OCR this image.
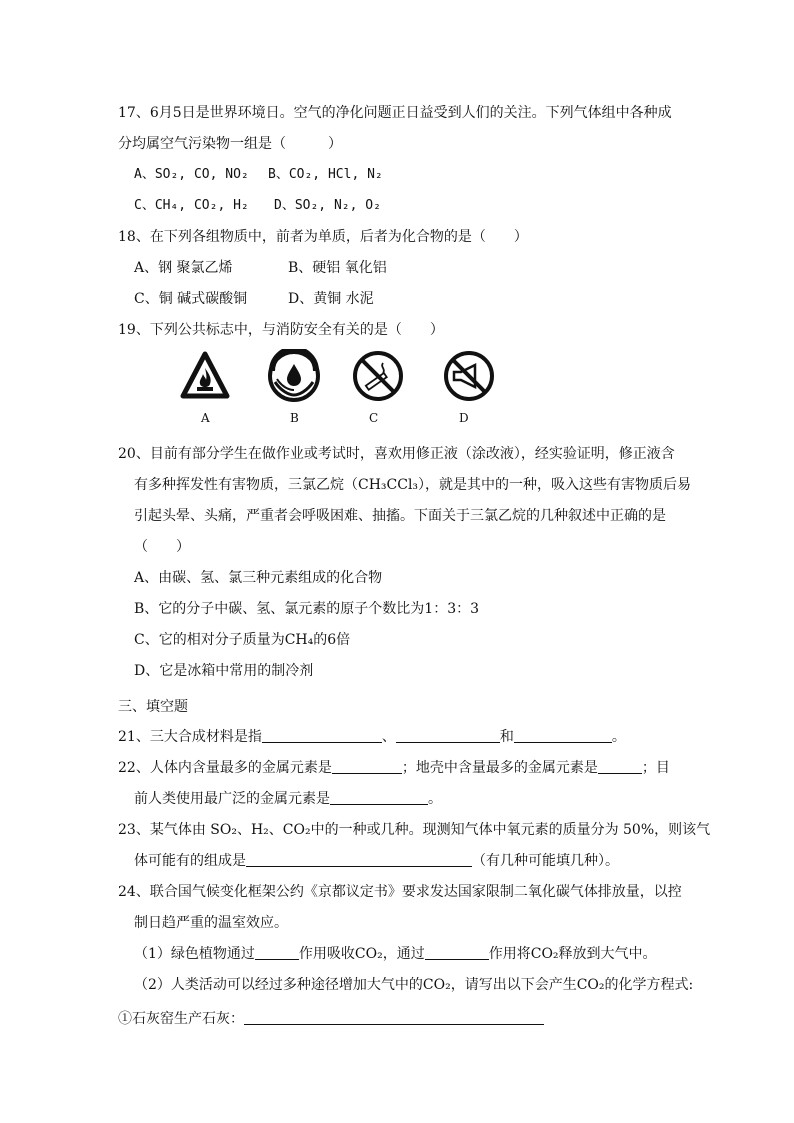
17、6月5日是世界环境日。空气的净化问题正日益受到人们的关注。下列气体组中各种成
分均属空气污染物一组是（　　　）
A、SO₂, CO, NO₂ B、CO₂, HCl, N₂
C、CH₄, CO₂, H₂ D、SO₂, N₂, O₂
18、在下列各组物质中，前者为单质，后者为化合物的是（　　）
A、钢 聚氯乙烯	B、硬铝 氧化铝
C、铜 碱式碳酸铜	D、黄铜 水泥
19、下列公共标志中，与消防安全有关的是（　　）
A	B	C	D
20、目前有部分学生在做作业或考试时，喜欢用修正液（涂改液），经实验证明，修正液含
有多种挥发性有害物质，三氯乙烷（CH₃CCl₃），就是其中的一种，吸入这些有害物质后易
引起头晕、头痛，严重者会呼吸困难、抽搐。下面关于三氯乙烷的几种叙述中正确的是
（　　）
A、由碳、氢、氯三种元素组成的化合物
B、它的分子中碳、氢、氯元素的原子个数比为1：3：3
C、它的相对分子质量为CH₄的6倍
D、它是冰箱中常用的制冷剂
三、填空题
21、三大合成材料是指	、	和	。
22、人体内含量最多的金属元素是	；地壳中含量最多的金属元素是	；目
前人类使用最广泛的金属元素是	。
23、某气体由 SO₂、H₂、CO₂中的一种或几种。现测知气体中氧元素的质量分为 50%，则该气
体可能有的组成是	（有几种可能填几种）。
24、联合国气候变化框架公约《京都议定书》要求发达国家限制二氧化碳气体排放量，以控
制日趋严重的温室效应。
（1）绿色植物通过	作用吸收CO₂，通过	作用将CO₂释放到大气中。
（2）人类活动可以经过多种途径增加大气中的CO₂，请写出以下会产生CO₂的化学方程式:
①石灰窑生产石灰：
